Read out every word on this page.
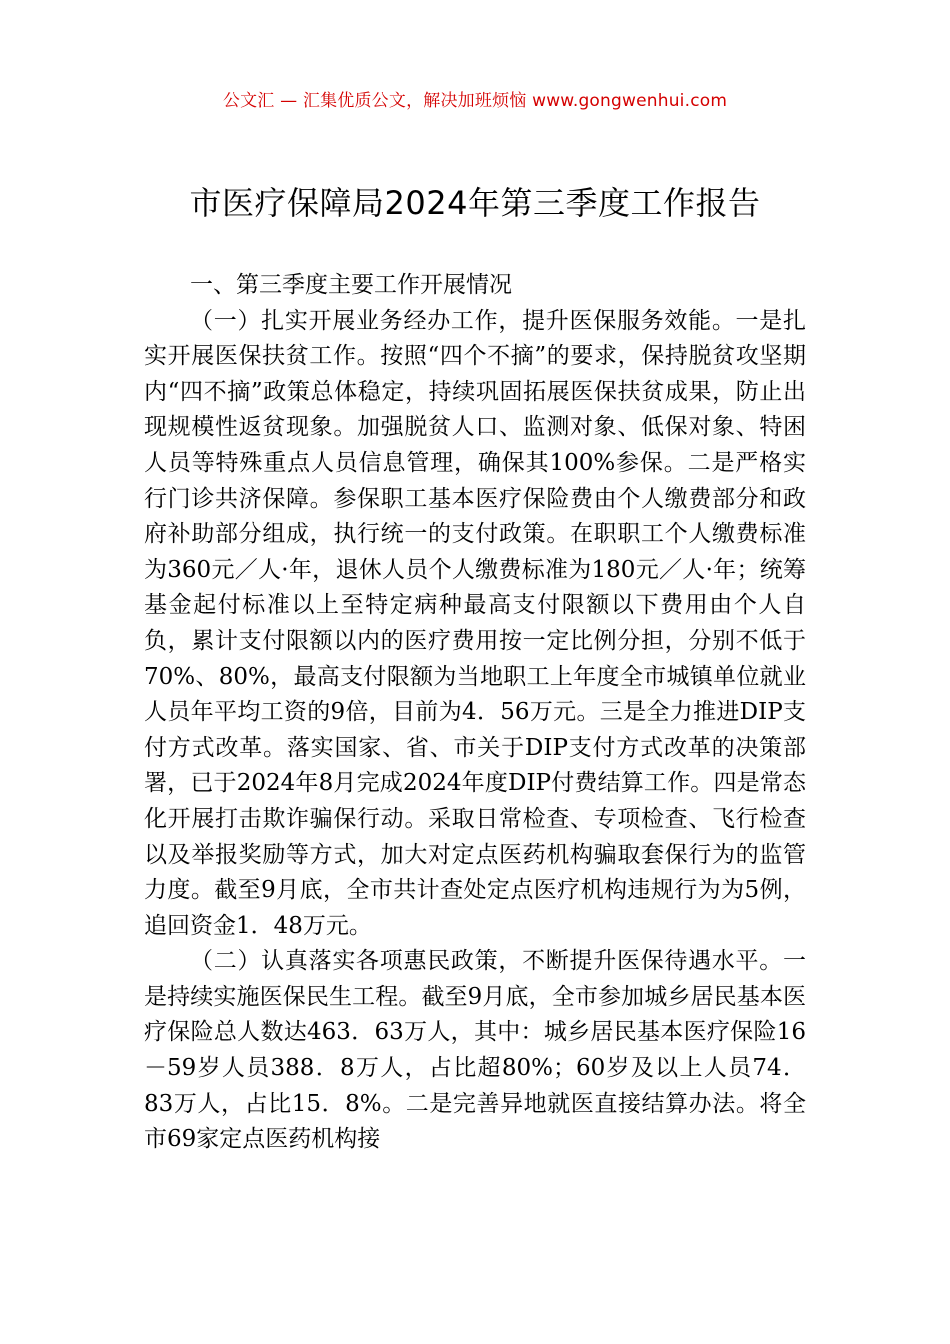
公文汇 — 汇集优质公文，解决加班烦恼 www.gongwenhui.com
市医疗保障局2024年第三季度工作报告

一、第三季度主要工作开展情况

（一）扎实开展业务经办工作，提升医保服务效能。一是扎实开展医保扶贫工作。按照“四个不摘”的要求，保持脱贫攻坚期内“四不摘”政策总体稳定，持续巩固拓展医保扶贫成果，防止出现规模性返贫现象。加强脱贫人口、监测对象、低保对象、特困人员等特殊重点人员信息管理，确保其100%参保。二是严格实行门诊共济保障。参保职工基本医疗保险费由个人缴费部分和政府补助部分组成，执行统一的支付政策。在职职工个人缴费标准为360元／人·年，退休人员个人缴费标准为180元／人·年；统筹基金起付标准以上至特定病种最高支付限额以下费用由个人自负，累计支付限额以内的医疗费用按一定比例分担，分别不低于70%、80%，最高支付限额为当地职工上年度全市城镇单位就业人员年平均工资的9倍，目前为4．56万元。三是全力推进DIP支付方式改革。落实国家、省、市关于DIP支付方式改革的决策部署，已于2024年8月完成2024年度DIP付费结算工作。四是常态化开展打击欺诈骗保行动。采取日常检查、专项检查、飞行检查以及举报奖励等方式，加大对定点医药机构骗取套保行为的监管力度。截至9月底，全市共计查处定点医疗机构违规行为为5例，追回资金1．48万元。

（二）认真落实各项惠民政策，不断提升医保待遇水平。一是持续实施医保民生工程。截至9月底，全市参加城乡居民基本医疗保险总人数达463．63万人，其中：城乡居民基本医疗保险16－59岁人员388．8万人，占比超80%；60岁及以上人员74．83万人，占比15．8%。二是完善异地就医直接结算办法。将全市69家定点医药机构接
